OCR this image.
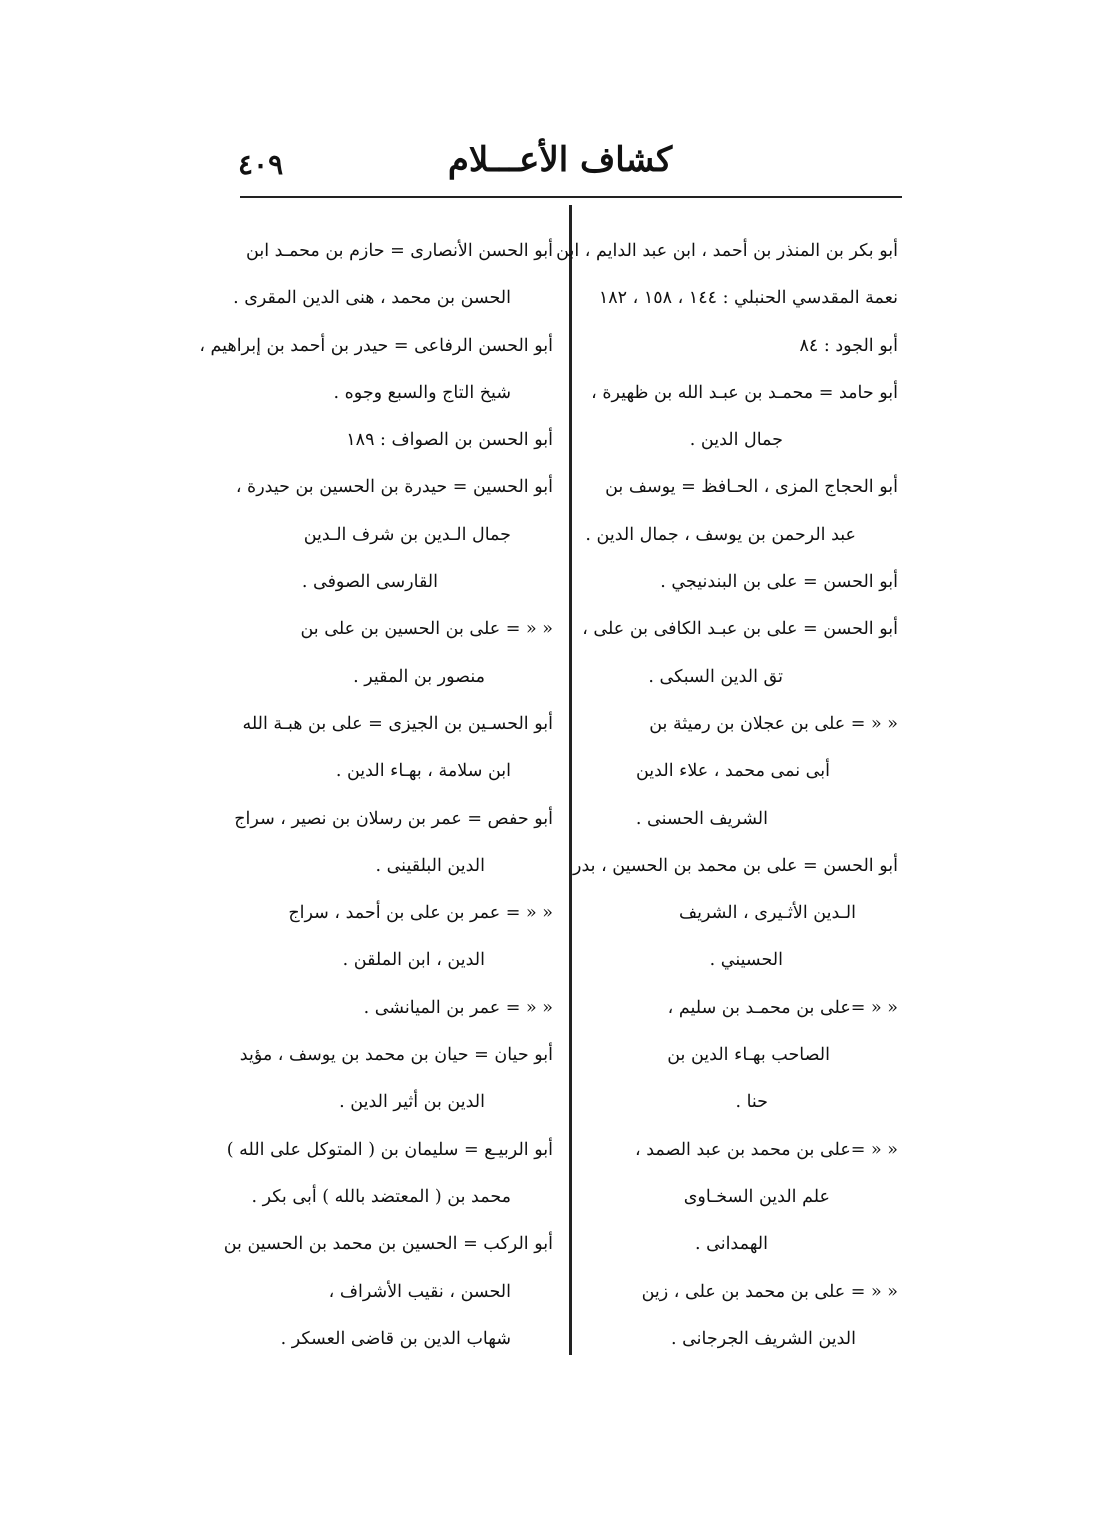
كشاف الأعـــلام
٤٠٩
أبو بكر بن المنذر بن أحمد ، ابن عبد الدايم ، ابن
نعمة المقدسي الحنبلي : ١٤٤ ، ١٥٨ ، ١٨٢
أبو الجود : ٨٤
أبو حامد = محمـد بن عبـد الله بن ظهيرة ،
جمال الدين .
أبو الحجاج المزى ، الحـافظ = يوسف بن
عبد الرحمن بن يوسف ، جمال الدين .
أبو الحسن = على بن البندنيجي .
أبو الحسن = على بن عبـد الكافى بن على ،
تق الدين السبكى .
« « = على بن عجلان بن رميثة بن
أبى نمى محمد ، علاء الدين
الشريف الحسنى .
أبو الحسن = على بن محمد بن الحسين ، بدر
الـدين الأثـيرى ، الشريف
الحسيني .
« « =على بن محمـد بن سليم ،
الصاحب بهـاء الدين بن
حنا .
« « =على بن محمد بن عبد الصمد ،
علم الدين السخـاوى
الهمدانى .
« « = على بن محمد بن على ، زين
الدين الشريف الجرجانى .
أبو الحسن الأنصارى = حازم بن محمـد ابن
الحسن بن محمد ، هنى الدين المقرى .
أبو الحسن الرفاعى = حيدر بن أحمد بن إبراهيم ،
شيخ التاج والسبع وجوه .
أبو الحسن بن الصواف : ١٨٩
أبو الحسين = حيدرة بن الحسين بن حيدرة ،
جمال الـدين بن شرف الـدين
القارسى الصوفى .
« « = على بن الحسين بن على بن
منصور بن المقير .
أبو الحسـين بن الجيزى = على بن هبـة الله
ابن سلامة ، بهـاء الدين .
أبو حفص = عمر بن رسلان بن نصير ، سراج
الدين البلقينى .
« « = عمر بن على بن أحمد ، سراج
الدين ، ابن الملقن .
« « = عمر بن الميانشى .
أبو حيان = حيان بن محمد بن يوسف ، مؤيد
الدين بن أثير الدين .
أبو الربيـع = سليمان بن ( المتوكل على الله )
محمد بن ( المعتضد بالله ) أبى بكر .
أبو الركب = الحسين بن محمد بن الحسين بن
الحسن ، نقيب الأشراف ،
شهاب الدين بن قاضى العسكر .
